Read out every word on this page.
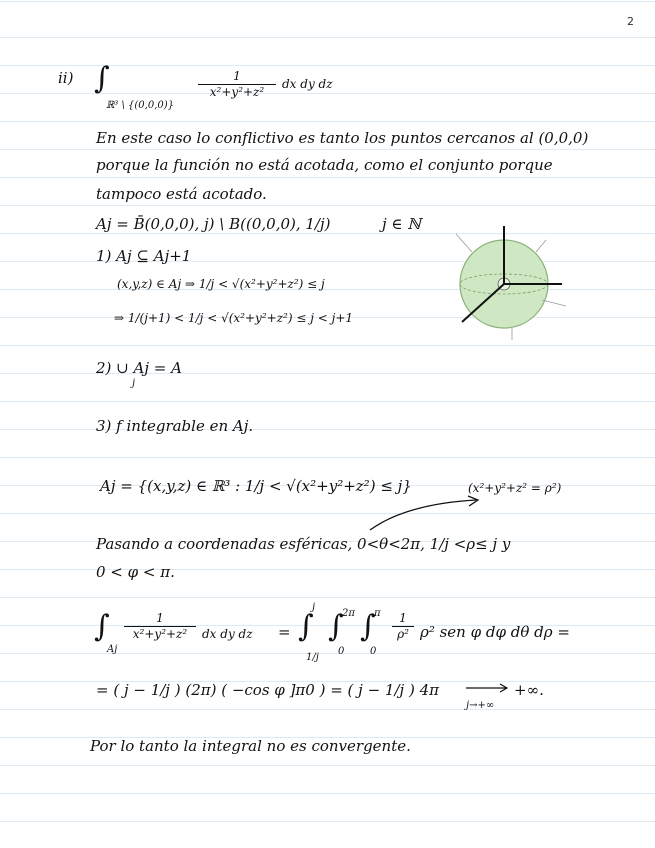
2
ii) ∫
ℝ³ \ {(0,0,0)}
1
x²+y²+z²
dx dy dz
En este caso lo conflictivo es tanto los puntos cercanos al (0,0,0)
porque la función no está acotada, como el conjunto porque
tampoco está acotado.
Aj = B̄(0,0,0), j) \ B((0,0,0), 1/j)	j ∈ ℕ
1) Aj ⊆ Aj+1
(x,y,z) ∈ Aj ⇒ 1/j < √(x²+y²+z²) ≤ j
⇒ 1/(j+1) < 1/j < √(x²+y²+z²) ≤ j < j+1
2) ∪ Aj = A
j
3) f integrable en Aj.
Aj = {(x,y,z) ∈ ℝ³ : 1/j < √(x²+y²+z²) ≤ j}	(x²+y²+z² = ρ²)
Pasando a coordenadas esféricas, 0<θ<2π, 1/j <ρ≤ j y
0 < φ < π.
∫
Aj
1
x²+y²+z²	dx dy dz = ∫
j
1/j
∫
2π
0
∫
π
0
1
ρ² ρ² sen φ dφ dθ dρ =
= ( j − 1/j ) (2π) ( −cos φ ]π0 ) = ( j − 1/j ) 4π
j→+∞
+∞.
Por lo tanto la integral no es convergente.
